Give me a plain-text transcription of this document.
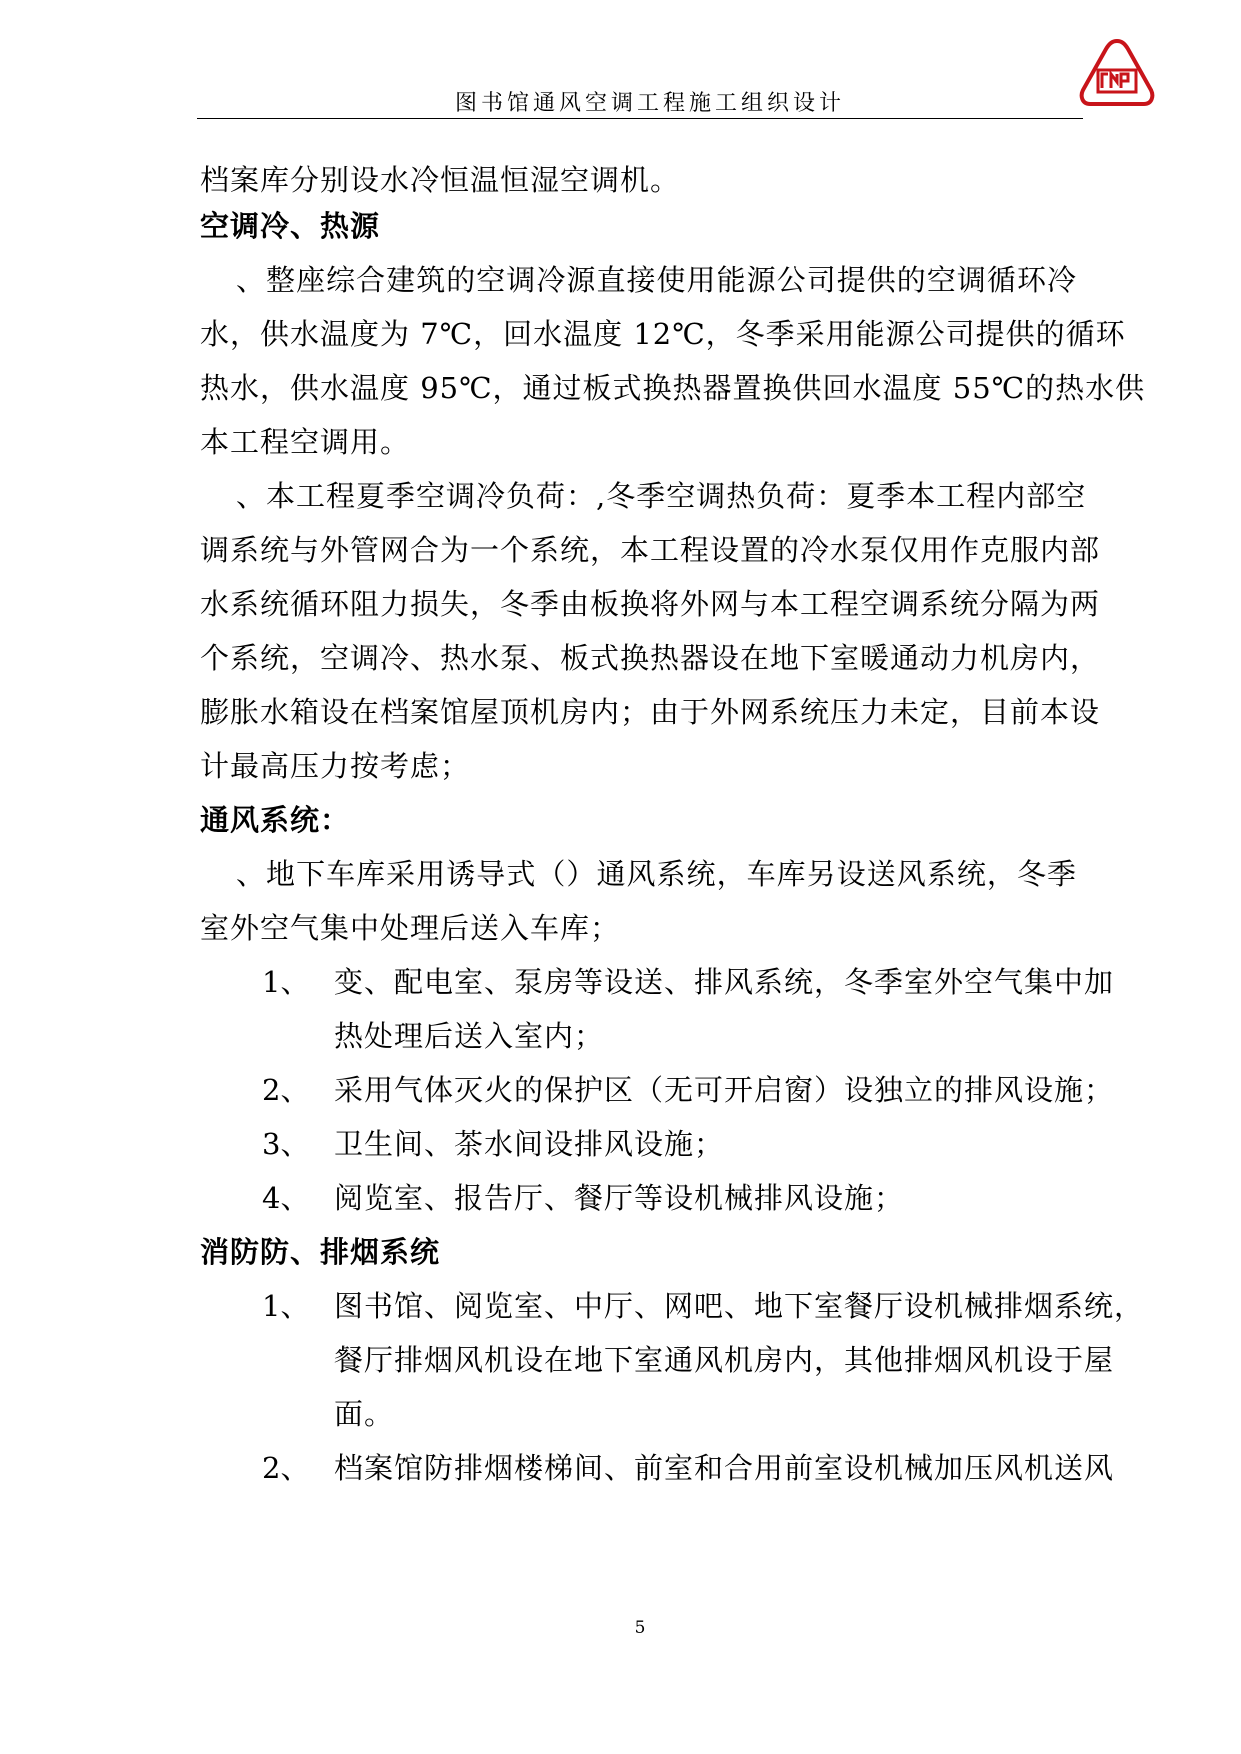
图书馆通风空调工程施工组织设计
档案库分别设水冷恒温恒湿空调机。
空调冷、热源
、整座综合建筑的空调冷源直接使用能源公司提供的空调循环冷
水，供水温度为 7℃，回水温度 12℃，冬季采用能源公司提供的循环
热水，供水温度 95℃，通过板式换热器置换供回水温度 55℃的热水供
本工程空调用。
、本工程夏季空调冷负荷：,冬季空调热负荷：夏季本工程内部空
调系统与外管网合为一个系统，本工程设置的冷水泵仅用作克服内部
水系统循环阻力损失，冬季由板换将外网与本工程空调系统分隔为两
个系统，空调冷、热水泵、板式换热器设在地下室暖通动力机房内，
膨胀水箱设在档案馆屋顶机房内；由于外网系统压力未定，目前本设
计最高压力按考虑；
通风系统：
、地下车库采用诱导式（）通风系统，车库另设送风系统，冬季
室外空气集中处理后送入车库；
1、 变、配电室、泵房等设送、排风系统，冬季室外空气集中加
热处理后送入室内；
2、 采用气体灭火的保护区（无可开启窗）设独立的排风设施；
3、 卫生间、茶水间设排风设施；
4、 阅览室、报告厅、餐厅等设机械排风设施；
消防防、排烟系统
1、 图书馆、阅览室、中厅、网吧、地下室餐厅设机械排烟系统，
餐厅排烟风机设在地下室通风机房内，其他排烟风机设于屋
面。
2、 档案馆防排烟楼梯间、前室和合用前室设机械加压风机送风
5
